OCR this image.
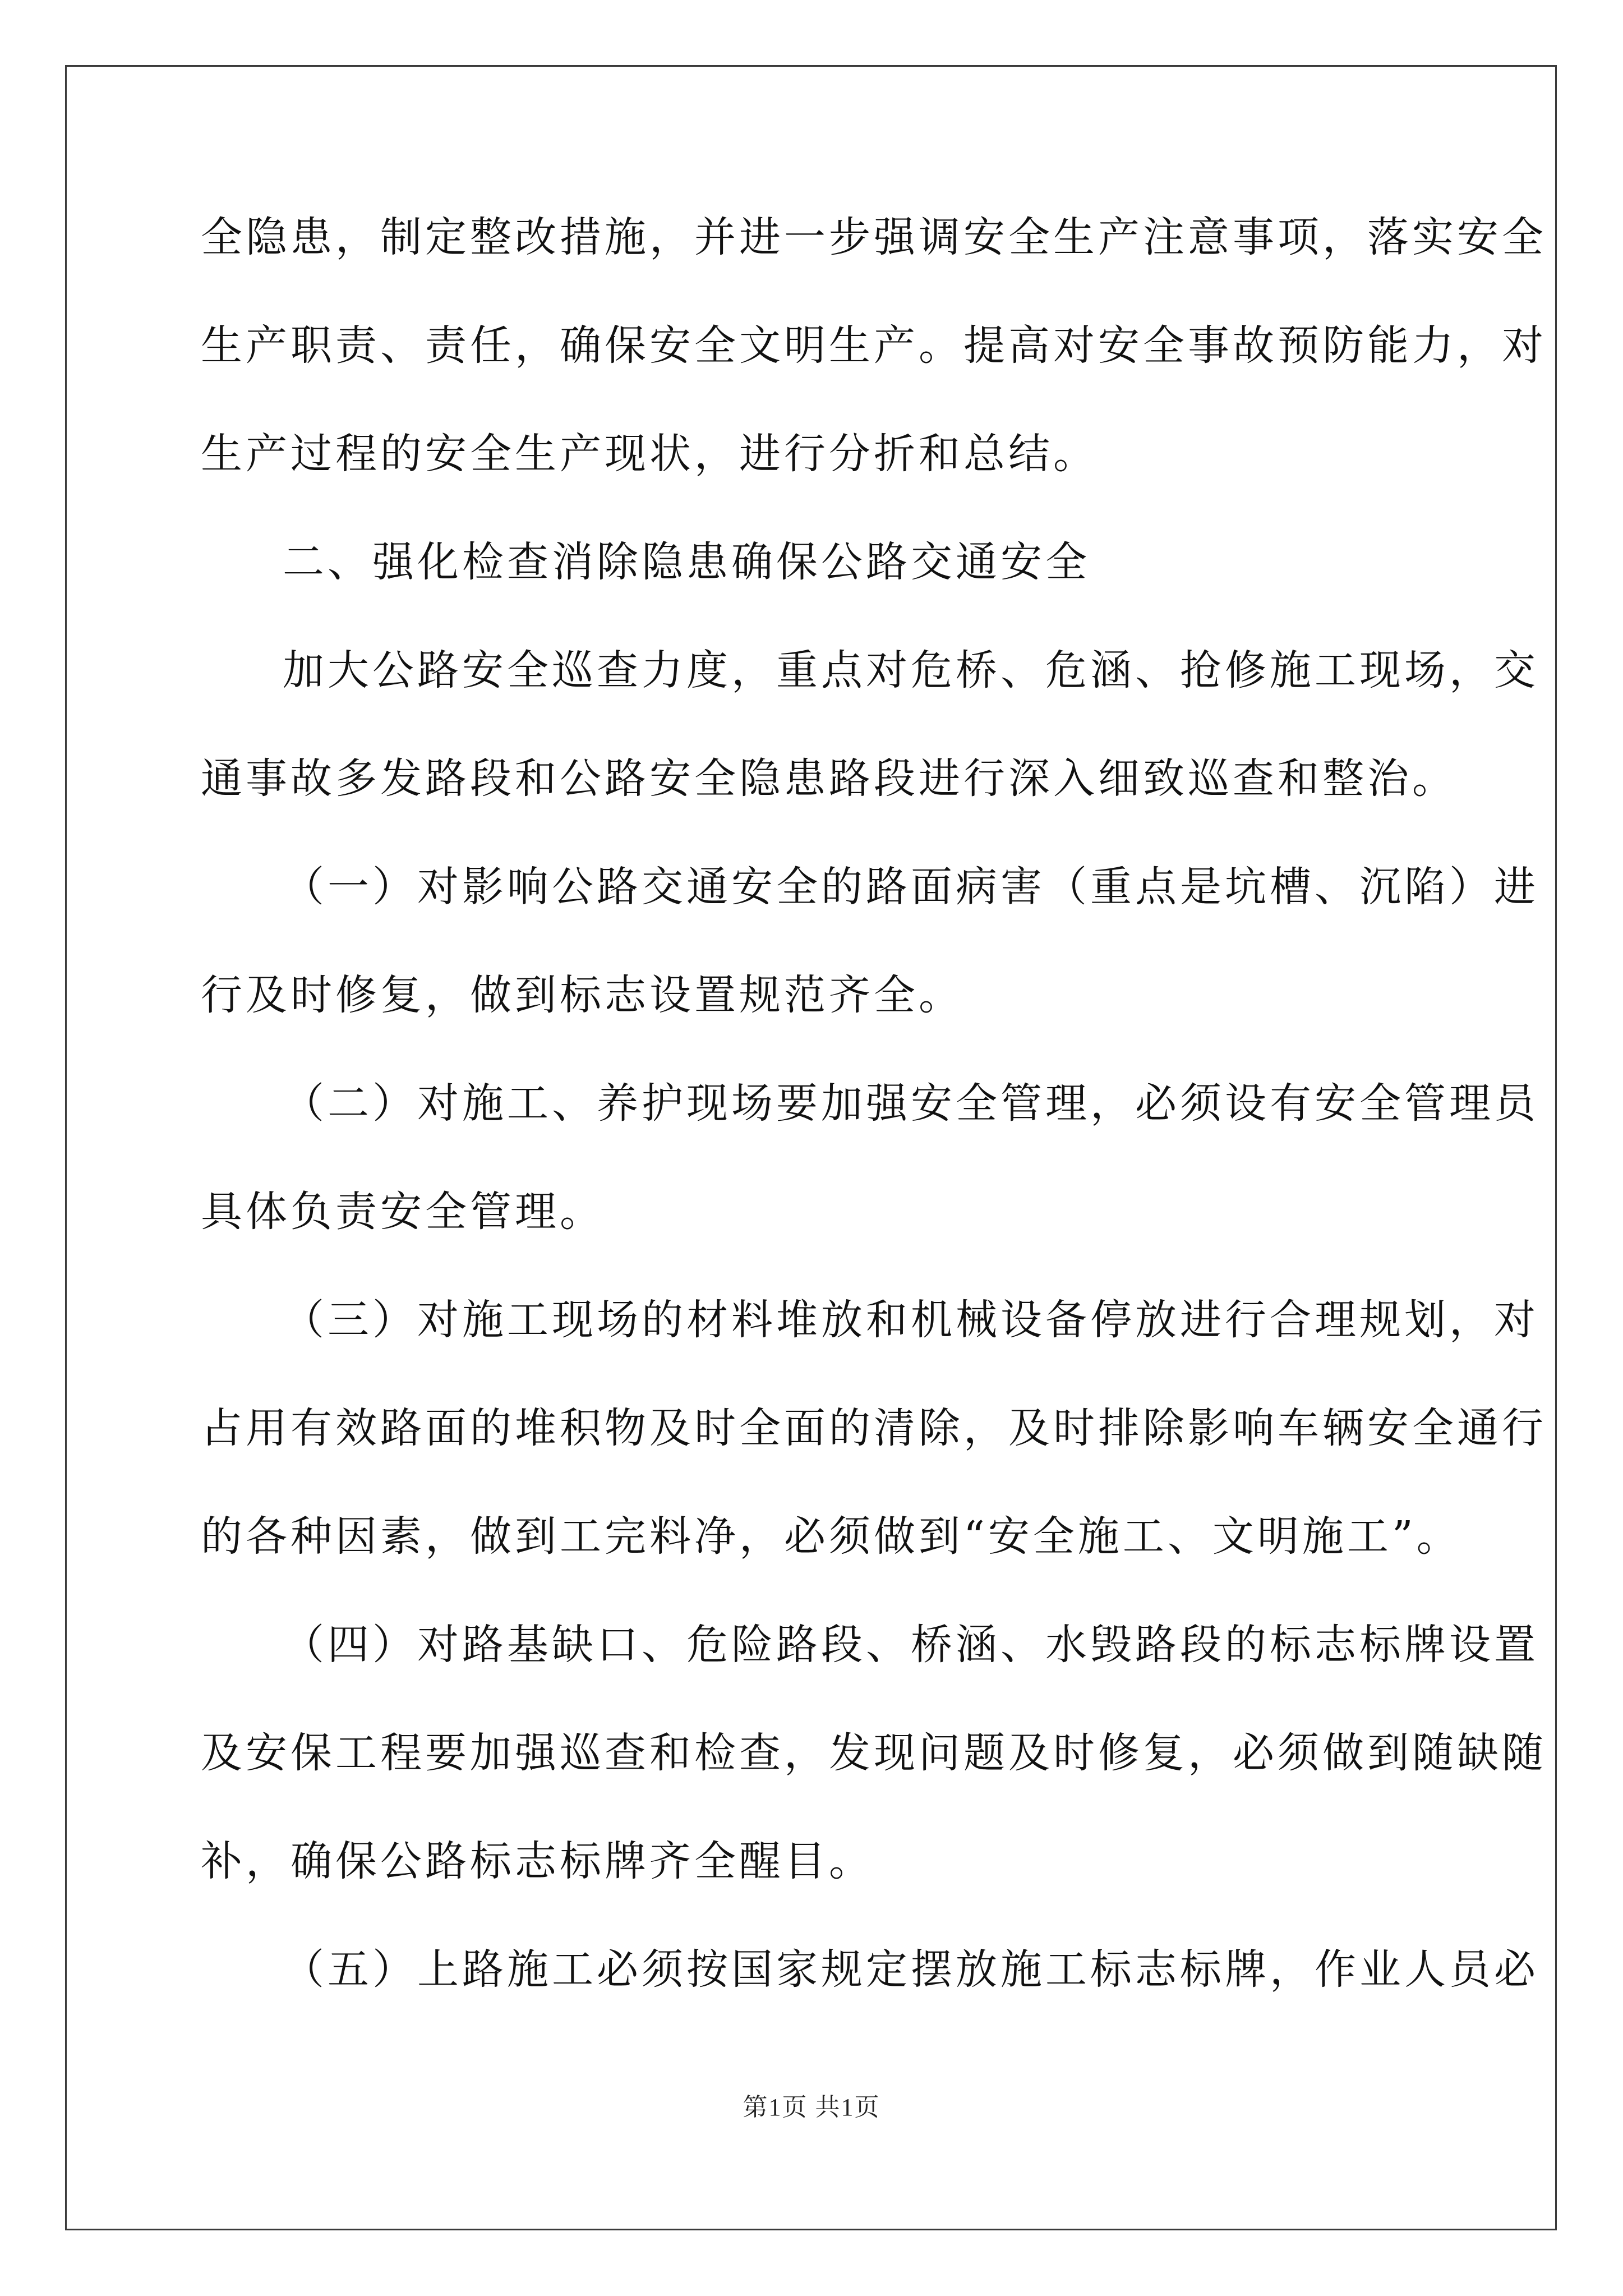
全隐患，制定整改措施，并进一步强调安全生产注意事项，落实安全
生产职责、责任，确保安全文明生产。提高对安全事故预防能力，对
生产过程的安全生产现状，进行分折和总结。
二、强化检查消除隐患确保公路交通安全
加大公路安全巡查力度，重点对危桥、危涵、抢修施工现场，交
通事故多发路段和公路安全隐患路段进行深入细致巡查和整治。
（一）对影响公路交通安全的路面病害（重点是坑槽、沉陷）进
行及时修复，做到标志设置规范齐全。
（二）对施工、养护现场要加强安全管理，必须设有安全管理员
具体负责安全管理。
（三）对施工现场的材料堆放和机械设备停放进行合理规划，对
占用有效路面的堆积物及时全面的清除，及时排除影响车辆安全通行
的各种因素，做到工完料净，必须做到“安全施工、文明施工”。
（四）对路基缺口、危险路段、桥涵、水毁路段的标志标牌设置
及安保工程要加强巡查和检查，发现问题及时修复，必须做到随缺随
补，确保公路标志标牌齐全醒目。
（五）上路施工必须按国家规定摆放施工标志标牌，作业人员必
第1页 共1页
